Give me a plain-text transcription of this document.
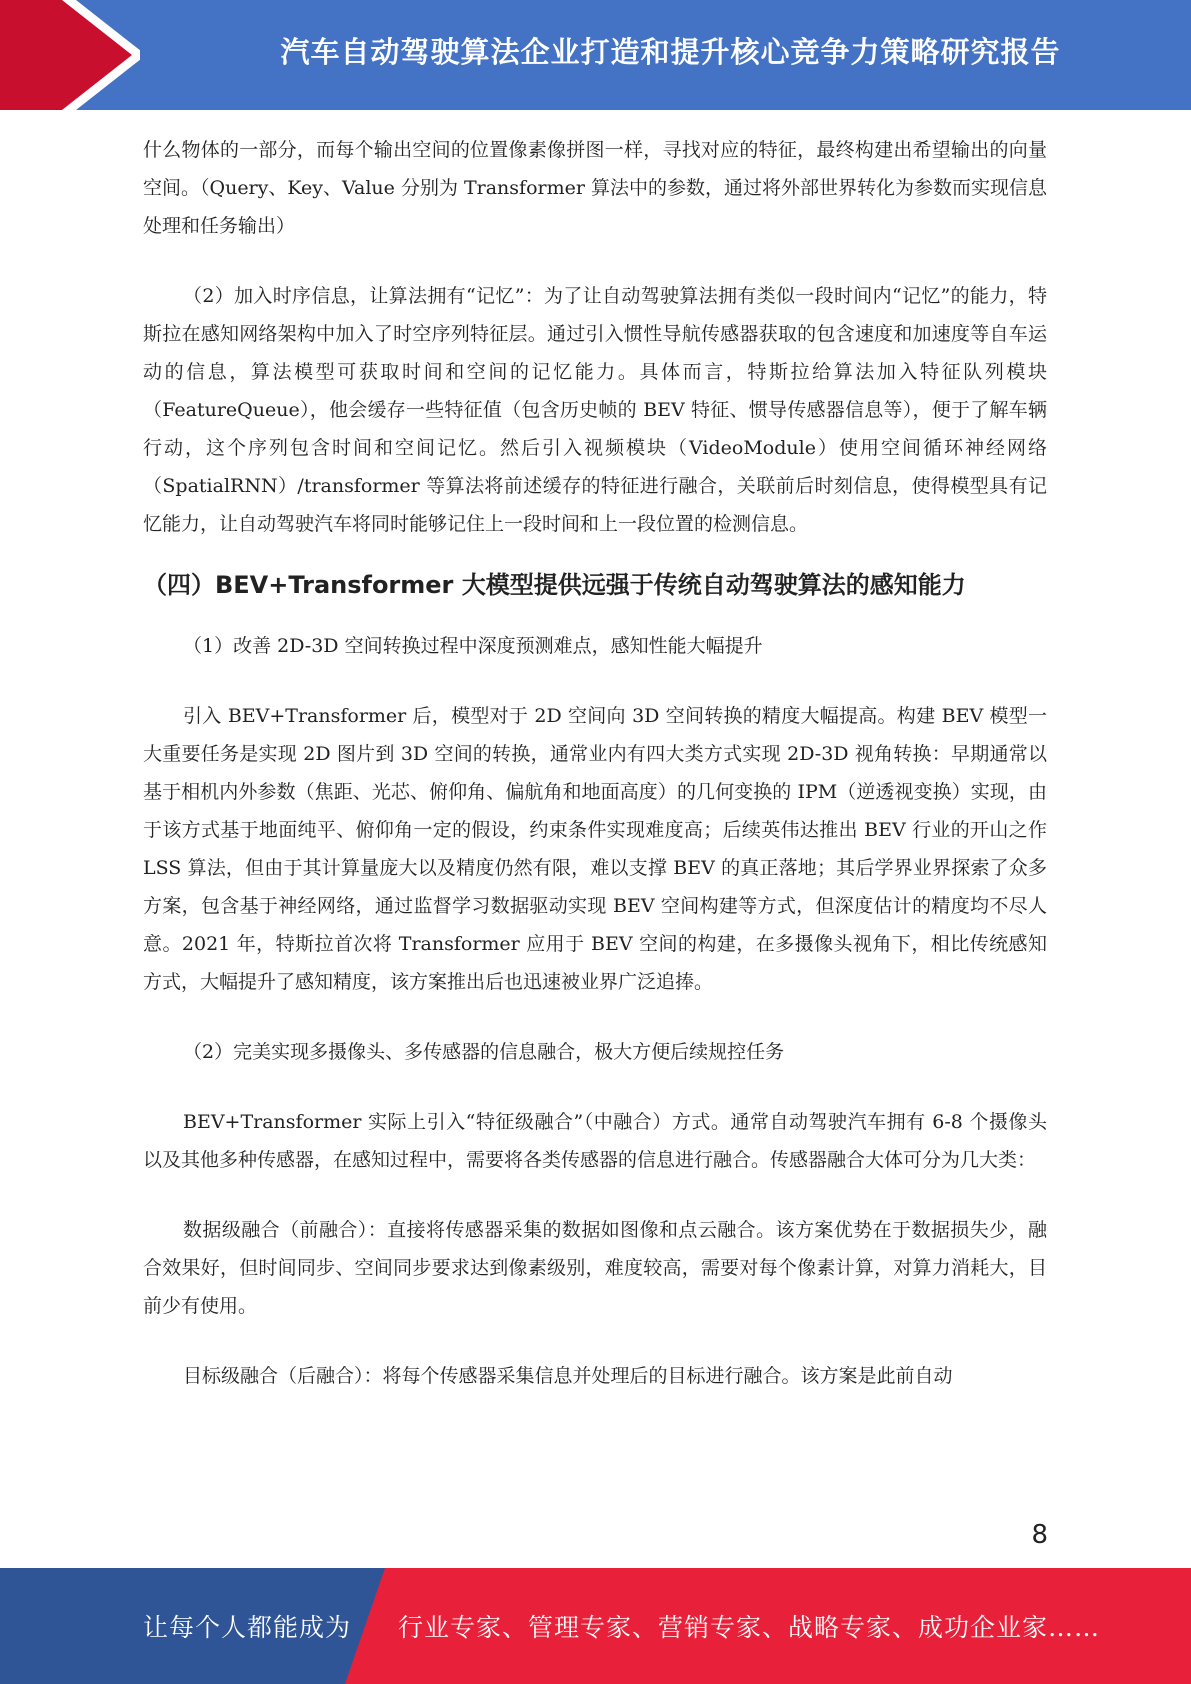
汽车自动驾驶算法企业打造和提升核心竞争力策略研究报告

什么物体的一部分，而每个输出空间的位置像素像拼图一样，寻找对应的特征，最终构建出希望输出的向量空间。（Query、Key、Value 分别为 Transformer 算法中的参数，通过将外部世界转化为参数而实现信息处理和任务输出）

（2）加入时序信息，让算法拥有“记忆”：为了让自动驾驶算法拥有类似一段时间内“记忆”的能力，特斯拉在感知网络架构中加入了时空序列特征层。通过引入惯性导航传感器获取的包含速度和加速度等自车运动的信息，算法模型可获取时间和空间的记忆能力。具体而言，特斯拉给算法加入特征队列模块（FeatureQueue），他会缓存一些特征值（包含历史帧的 BEV 特征、惯导传感器信息等），便于了解车辆行动，这个序列包含时间和空间记忆。然后引入视频模块（VideoModule）使用空间循环神经网络（SpatialRNN）/transformer 等算法将前述缓存的特征进行融合，关联前后时刻信息，使得模型具有记忆能力，让自动驾驶汽车将同时能够记住上一段时间和上一段位置的检测信息。

（四）BEV+Transformer 大模型提供远强于传统自动驾驶算法的感知能力

（1）改善 2D-3D 空间转换过程中深度预测难点，感知性能大幅提升

引入 BEV+Transformer 后，模型对于 2D 空间向 3D 空间转换的精度大幅提高。构建 BEV 模型一大重要任务是实现 2D 图片到 3D 空间的转换，通常业内有四大类方式实现 2D-3D 视角转换：早期通常以基于相机内外参数（焦距、光芯、俯仰角、偏航角和地面高度）的几何变换的 IPM（逆透视变换）实现，由于该方式基于地面纯平、俯仰角一定的假设，约束条件实现难度高；后续英伟达推出 BEV 行业的开山之作 LSS 算法，但由于其计算量庞大以及精度仍然有限，难以支撑 BEV 的真正落地；其后学界业界探索了众多方案，包含基于神经网络，通过监督学习数据驱动实现 BEV 空间构建等方式，但深度估计的精度均不尽人意。2021 年，特斯拉首次将 Transformer 应用于 BEV 空间的构建，在多摄像头视角下，相比传统感知方式，大幅提升了感知精度，该方案推出后也迅速被业界广泛追捧。

（2）完美实现多摄像头、多传感器的信息融合，极大方便后续规控任务

BEV+Transformer 实际上引入“特征级融合”（中融合）方式。通常自动驾驶汽车拥有 6-8 个摄像头以及其他多种传感器，在感知过程中，需要将各类传感器的信息进行融合。传感器融合大体可分为几大类：

数据级融合（前融合）：直接将传感器采集的数据如图像和点云融合。该方案优势在于数据损失少，融合效果好，但时间同步、空间同步要求达到像素级别，难度较高，需要对每个像素计算，对算力消耗大，目前少有使用。

目标级融合（后融合）：将每个传感器采集信息并处理后的目标进行融合。该方案是此前自动

8
让每个人都能成为 行业专家、管理专家、营销专家、战略专家、成功企业家……
